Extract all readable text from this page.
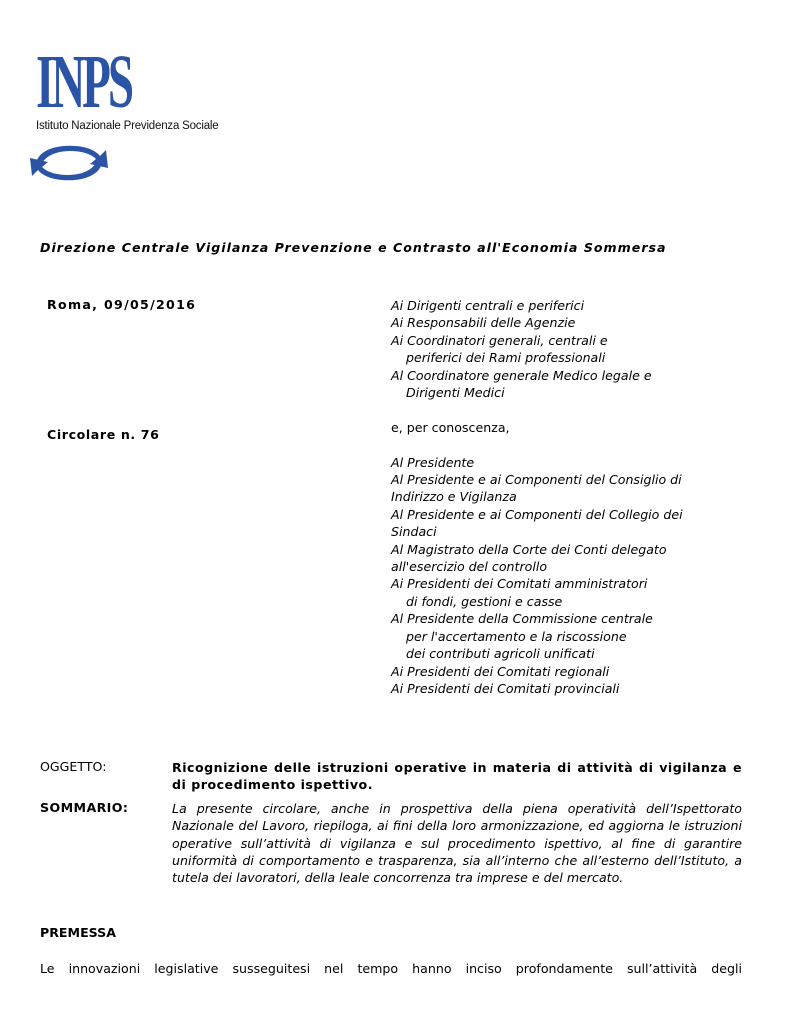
INPS
Istituto Nazionale Previdenza Sociale
Direzione Centrale Vigilanza Prevenzione e Contrasto all'Economia Sommersa
Roma, 09/05/2016
Circolare n. 76
Ai Dirigenti centrali e periferici
Ai Responsabili delle Agenzie
Ai Coordinatori generali, centrali e
periferici dei Rami professionali
Al Coordinatore generale Medico legale e
Dirigenti Medici
e, per conoscenza,
Al Presidente
Al Presidente e ai Componenti del Consiglio di
Indirizzo e Vigilanza
Al Presidente e ai Componenti del Collegio dei
Sindaci
Al Magistrato della Corte dei Conti delegato
all'esercizio del controllo
Ai Presidenti dei Comitati amministratori
di fondi, gestioni e casse
Al Presidente della Commissione centrale
per l'accertamento e la riscossione
dei contributi agricoli unificati
Ai Presidenti dei Comitati regionali
Ai Presidenti dei Comitati provinciali
OGGETTO:	Ricognizione delle istruzioni operative in materia di attività di vigilanza e di procedimento ispettivo.
SOMMARIO:	La presente circolare, anche in prospettiva della piena operatività dell’Ispettorato Nazionale del Lavoro, riepiloga, ai fini della loro armonizzazione, ed aggiorna le istruzioni operative sull’attività di vigilanza e sul procedimento ispettivo, al fine di garantire uniformità di comportamento e trasparenza, sia all’interno che all’esterno dell’Istituto, a tutela dei lavoratori, della leale concorrenza tra imprese e del mercato.
PREMESSA
Le innovazioni legislative susseguitesi nel tempo hanno inciso profondamente sull’attività degli
